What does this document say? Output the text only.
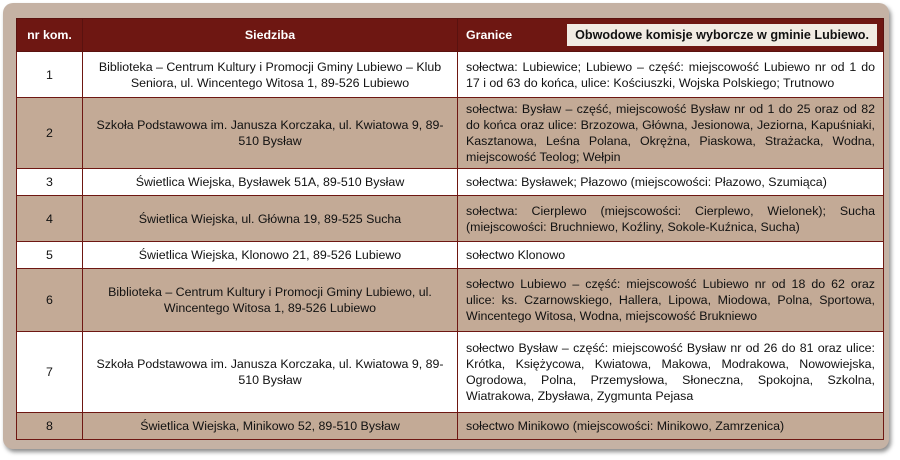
nr kom.	Siedziba	Granice Obwodowe komisje wyborcze w gminie Lubiewo.

1	Biblioteka – Centrum Kultury i Promocji Gminy Lubiewo – Klub Seniora, ul. Wincentego Witosa 1, 89-526 Lubiewo	sołectwa: Lubiewice; Lubiewo – część: miejscowość Lubiewo nr od 1 do 17 i od 63 do końca, ulice: Kościuszki, Wojska Polskiego; Trutnowo
2	Szkoła Podstawowa im. Janusza Korczaka, ul. Kwiatowa 9, 89-510 Bysław	sołectwa: Bysław – część, miejscowość Bysław nr od 1 do 25 oraz od 82 do końca oraz ulice: Brzozowa, Główna, Jesionowa, Jeziorna, Kapuśniaki, Kasztanowa, Leśna Polana, Okrężna, Piaskowa, Strażacka, Wodna, miejscowość Teolog; Wełpin
3	Świetlica Wiejska, Bysławek 51A, 89-510 Bysław	sołectwa: Bysławek; Płazowo (miejscowości: Płazowo, Szumiąca)
4	Świetlica Wiejska, ul. Główna 19, 89-525 Sucha	sołectwa: Cierplewo (miejscowości: Cierplewo, Wielonek); Sucha (miejscowości: Bruchniewo, Koźliny, Sokole-Kuźnica, Sucha)
5	Świetlica Wiejska, Klonowo 21, 89-526 Lubiewo	sołectwo Klonowo
6	Biblioteka – Centrum Kultury i Promocji Gminy Lubiewo, ul. Wincentego Witosa 1, 89-526 Lubiewo	sołectwo Lubiewo – część: miejscowość Lubiewo nr od 18 do 62 oraz ulice: ks. Czarnowskiego, Hallera, Lipowa, Miodowa, Polna, Sportowa, Wincentego Witosa, Wodna, miejscowość Brukniewo
7	Szkoła Podstawowa im. Janusza Korczaka, ul. Kwiatowa 9, 89-510 Bysław	sołectwo Bysław – część: miejscowość Bysław nr od 26 do 81 oraz ulice: Krótka, Księżycowa, Kwiatowa, Makowa, Modrakowa, Nowowiejska, Ogrodowa, Polna, Przemysłowa, Słoneczna, Spokojna, Szkolna, Wiatrakowa, Zbysława, Zygmunta Pejasa
8	Świetlica Wiejska, Minikowo 52, 89-510 Bysław	sołectwo Minikowo (miejscowości: Minikowo, Zamrzenica)
